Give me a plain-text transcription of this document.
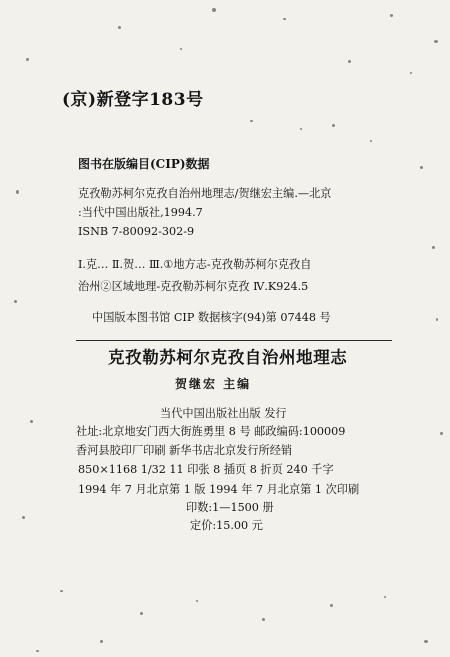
(京)新登字183号
图书在版编目(CIP)数据
克孜勒苏柯尔克孜自治州地理志/贺继宏主编.—北京
:当代中国出版社,1994.7
ISNB 7-80092-302-9
Ⅰ.克… Ⅱ.贺… Ⅲ.①地方志-克孜勒苏柯尔克孜自
治州②区域地理-克孜勒苏柯尔克孜 Ⅳ.K924.5
中国版本图书馆 CIP 数据核字(94)第 07448 号
克孜勒苏柯尔克孜自治州地理志
贺继宏 主编
当代中国出版社出版 发行
社址:北京地安门西大街旌勇里 8 号 邮政编码:100009
香河县胶印厂印刷 新华书店北京发行所经销
850×1168 1/32 11 印张 8 插页 8 折页 240 千字
1994 年 7 月北京第 1 版 1994 年 7 月北京第 1 次印刷
印数:1—1500 册
定价:15.00 元
